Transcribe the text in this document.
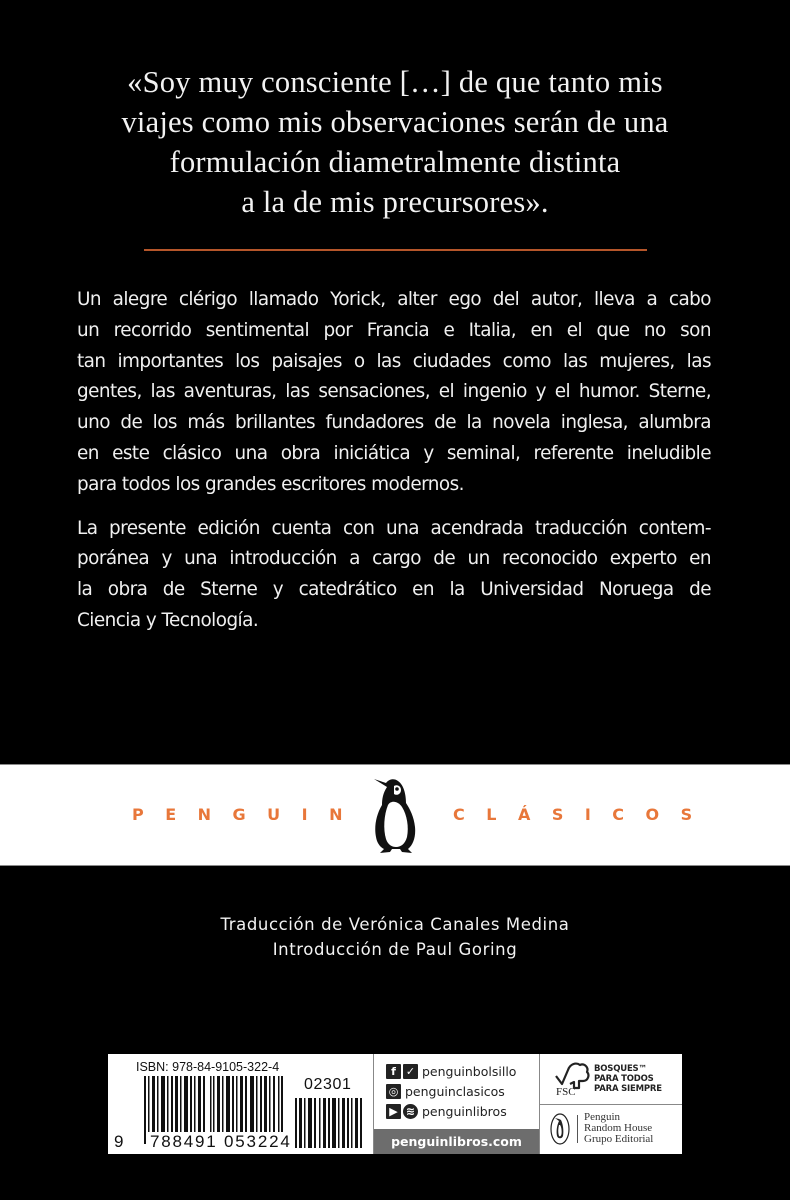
«Soy muy consciente […] de que tanto mis
viajes como mis observaciones serán de una
formulación diametralmente distinta
a la de mis precursores».
Un alegre clérigo llamado Yorick, alter ego del autor, lleva a cabo
un recorrido sentimental por Francia e Italia, en el que no son
tan importantes los paisajes o las ciudades como las mujeres, las
gentes, las aventuras, las sensaciones, el ingenio y el humor. Sterne,
uno de los más brillantes fundadores de la novela inglesa, alumbra
en este clásico una obra iniciática y seminal, referente ineludible
para todos los grandes escritores modernos.
La presente edición cuenta con una acendrada traducción contem-
poránea y una introducción a cargo de un reconocido experto en
la obra de Sterne y catedrático en la Universidad Noruega de
Ciencia y Tecnología.
PENGUIN	CLÁSICOS
Traducción de Verónica Canales Medina
Introducción de Paul Goring
ISBN: 978-84-9105-322-4
9 788491 053224
02301
f ✓ penguinbolsillo
◎ penguinclasicos
▶ ≋ penguinlibros
penguinlibros.com
FSC
BOSQUES™
PARA TODOS
PARA SIEMPRE
Penguin
Random House
Grupo Editorial
